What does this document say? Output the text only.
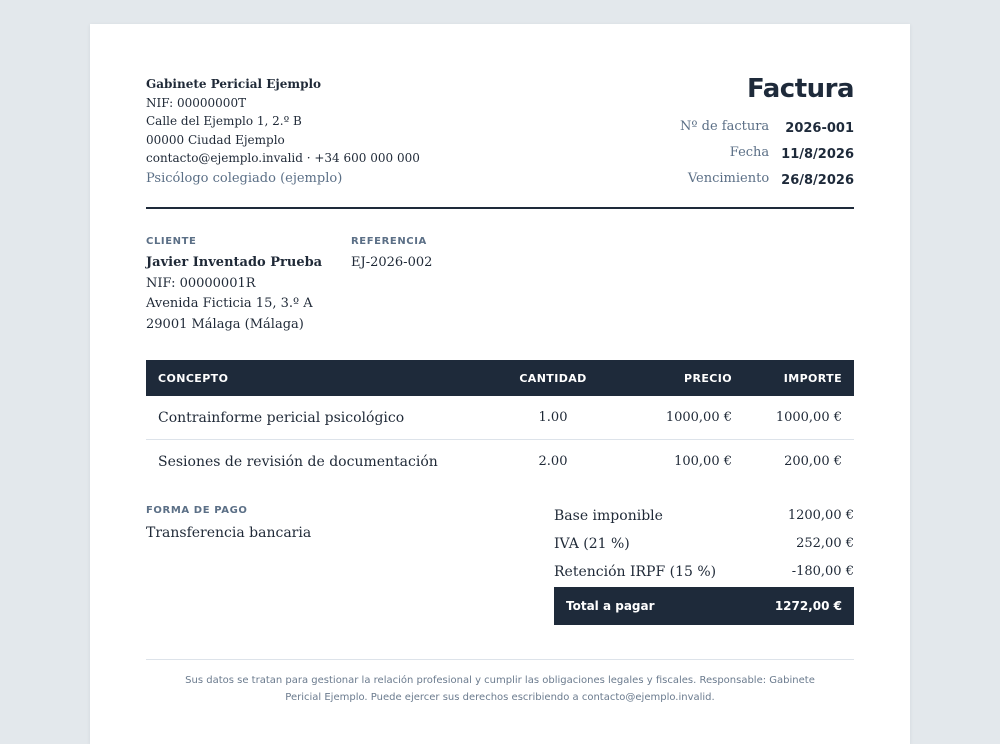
Gabinete Pericial Ejemplo
NIF: 00000000T
Calle del Ejemplo 1, 2.º B
00000 Ciudad Ejemplo
contacto@ejemplo.invalid · +34 600 000 000
Psicólogo colegiado (ejemplo)
Factura
Nº de factura	2026-001
Fecha	11/8/2026
Vencimiento	26/8/2026
CLIENTE
Javier Inventado Prueba
NIF: 00000001R
Avenida Ficticia 15, 3.º A
29001 Málaga (Málaga)
REFERENCIA
EJ-2026-002
CONCEPTO	CANTIDAD	PRECIO	IMPORTE
Contrainforme pericial psicológico	1.00	1000,00 €	1000,00 €
Sesiones de revisión de documentación	2.00	100,00 €	200,00 €
FORMA DE PAGO
Transferencia bancaria
Base imponible	1200,00 €
IVA (21 %)	252,00 €
Retención IRPF (15 %)	-180,00 €
Total a pagar	1272,00 €
Sus datos se tratan para gestionar la relación profesional y cumplir las obligaciones legales y fiscales. Responsable: Gabinete Pericial Ejemplo. Puede ejercer sus derechos escribiendo a contacto@ejemplo.invalid.
